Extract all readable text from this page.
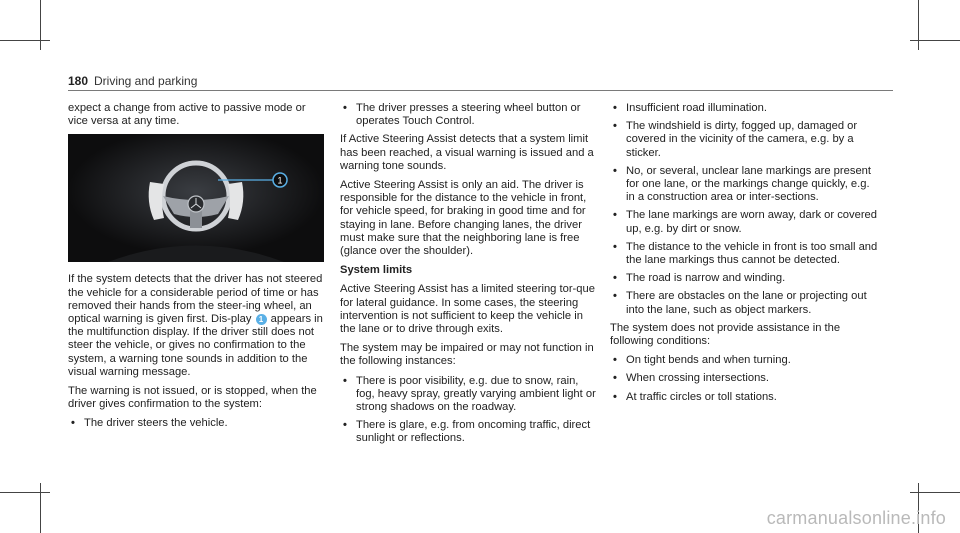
180 Driving and parking

expect a change from active to passive mode or vice versa at any time.

1

If the system detects that the driver has not steered the vehicle for a considerable period of time or has removed their hands from the steer-ing wheel, an optical warning is given first. Dis-play 1 appears in the multifunction display. If the driver still does not steer the vehicle, or gives no confirmation to the system, a warning tone sounds in addition to the visual warning message.

The warning is not issued, or is stopped, when the driver gives confirmation to the system:

• The driver steers the vehicle.
• The driver presses a steering wheel button or operates Touch Control.

If Active Steering Assist detects that a system limit has been reached, a visual warning is issued and a warning tone sounds.

Active Steering Assist is only an aid. The driver is responsible for the distance to the vehicle in front, for vehicle speed, for braking in good time and for staying in lane. Before changing lanes, the driver must make sure that the neighboring lane is free (glance over the shoulder).

System limits

Active Steering Assist has a limited steering tor-que for lateral guidance. In some cases, the steering intervention is not sufficient to keep the vehicle in the lane or to drive through exits.

The system may be impaired or may not function in the following instances:

• There is poor visibility, e.g. due to snow, rain, fog, heavy spray, greatly varying ambient light or strong shadows on the roadway.
• There is glare, e.g. from oncoming traffic, direct sunlight or reflections.
• Insufficient road illumination.
• The windshield is dirty, fogged up, damaged or covered in the vicinity of the camera, e.g. by a sticker.
• No, or several, unclear lane markings are present for one lane, or the markings change quickly, e.g. in a construction area or inter-sections.
• The lane markings are worn away, dark or covered up, e.g. by dirt or snow.
• The distance to the vehicle in front is too small and the lane markings thus cannot be detected.
• The road is narrow and winding.
• There are obstacles on the lane or projecting out into the lane, such as object markers.

The system does not provide assistance in the following conditions:

• On tight bends and when turning.
• When crossing intersections.
• At traffic circles or toll stations.
carmanualsonline.info
